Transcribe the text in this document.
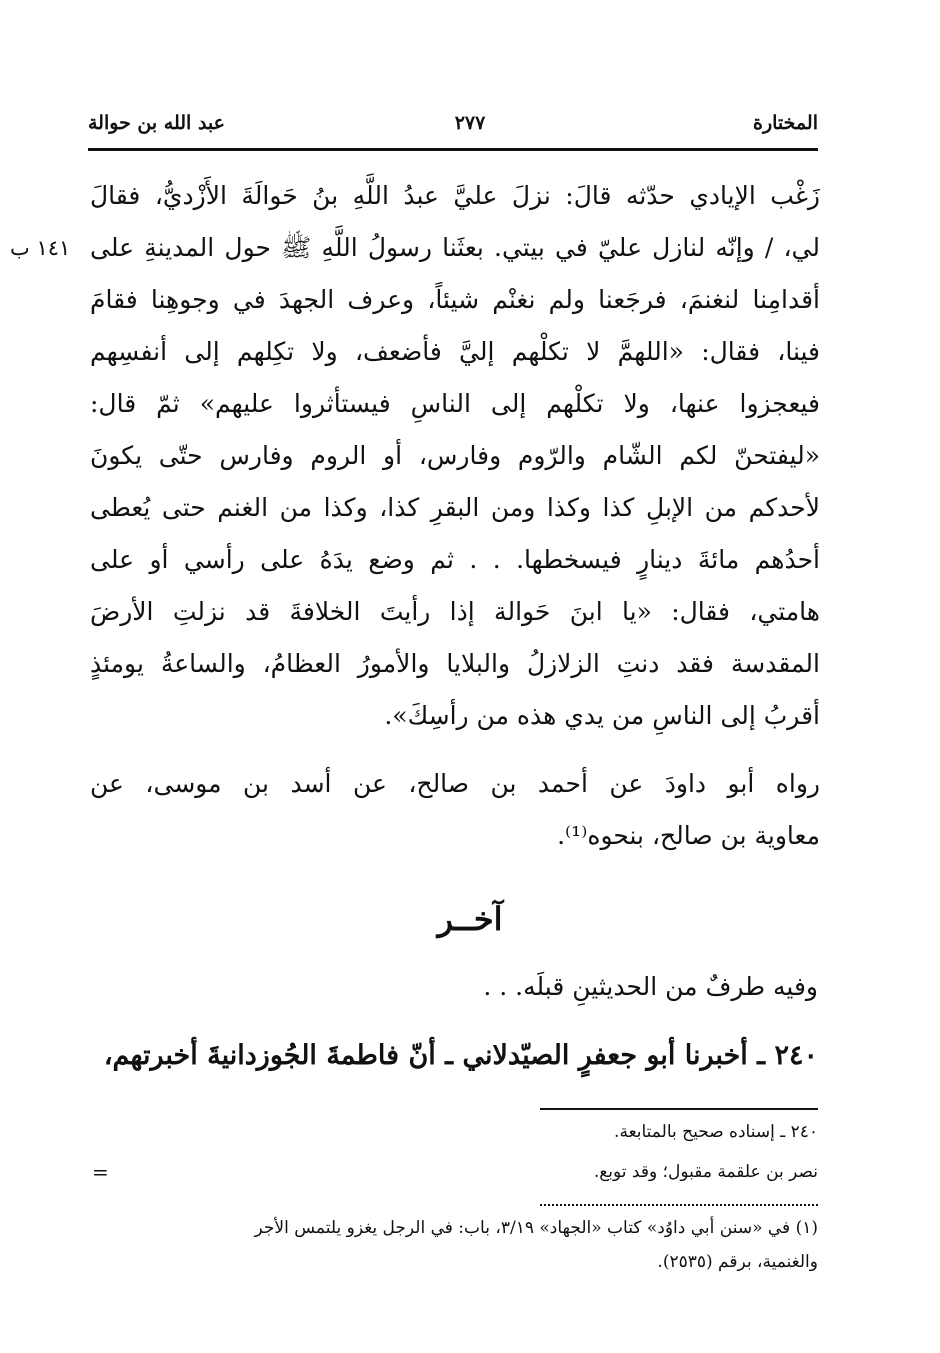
المختارة
٢٧٧
عبد الله بن حوالة
١٤١ ب

زَغْب الإيادي حدّثه قالَ: نزلَ عليَّ عبدُ اللَّهِ بنُ حَوالَةَ الأَزْديُّ، فقالَ
لي، / وإنّه لنازل عليّ في بيتي. بعثَنا رسولُ اللَّهِ ﷺ حول المدينةِ على
أقدامِنا لنغنمَ، فرجَعنا ولم نغنْم شيئاً، وعرف الجهدَ في وجوهِنا فقامَ
فينا، فقال: «اللهمَّ لا تكلْهم إليَّ فأضعف، ولا تكِلهم إلى أنفسِهم
فيعجزوا عنها، ولا تكلْهم إلى الناسِ فيستأثروا عليهم» ثمّ قال:
«ليفتحنّ لكم الشّام والرّوم وفارس، أو الروم وفارس حتّى يكونَ
لأحدكم من الإبلِ كذا وكذا ومن البقرِ كذا، وكذا من الغنم حتى يُعطى
أحدُهم مائةَ دينارٍ فيسخطها. . . ثم وضع يدَهُ على رأسي أو على
هامتي، فقال: «يا ابنَ حَوالة إذا رأيتَ الخلافةَ قد نزلتِ الأرضَ
المقدسة فقد دنتِ الزلازلُ والبلايا والأمورُ العظامُ، والساعةُ يومئذٍ
أقربُ إلى الناسِ من يدي هذه من رأسِكَ».

رواه أبو داودَ عن أحمد بن صالح، عن أسد بن موسى، عن
معاوية بن صالح، بنحوه⁽¹⁾.
آخــر
وفيه طرفٌ من الحديثينِ قبلَه. . .
٢٤٠ ـ أخبرنا أبو جعفرٍ الصيّدلاني ـ أنّ فاطمةَ الجُوزدانيةَ أخبرتهم،
٢٤٠ ـ إسناده صحيح بالمتابعة.
نصر بن علقمة مقبول؛ وقد توبع.
=
(١) في «سنن أبي داوُد» كتاب «الجهاد» ٣/١٩، باب: في الرجل يغزو يلتمس الأجر
والغنمية، برقم (٢٥٣٥).
